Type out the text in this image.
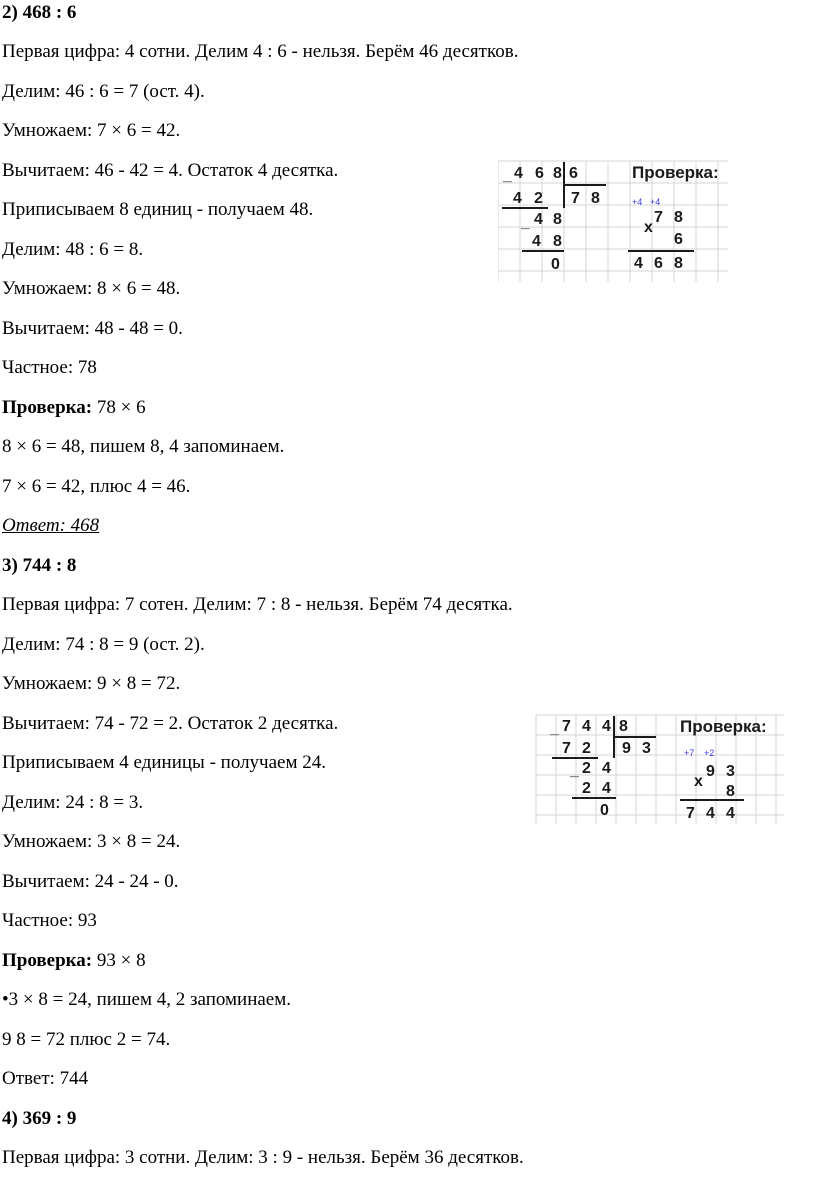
2) 468 : 6
Первая цифра: 4 сотни. Делим 4 : 6 - нельзя. Берём 46 десятков.
Делим: 46 : 6 = 7 (ост. 4).
Умножаем: 7 × 6 = 42.
Вычитаем: 46 - 42 = 4. Остаток 4 десятка.
Приписываем 8 единиц - получаем 48.
Делим: 48 : 6 = 8.
Умножаем: 8 × 6 = 48.
Вычитаем: 48 - 48 = 0.
Частное: 78
Проверка: 78 × 6
8 × 6 = 48, пишем 8, 4 запоминаем.
7 × 6 = 42, плюс 4 = 46.
Ответ: 468
_ 4 6 8 6
4 2 7 8
_ 4 8
4 8
0
Проверка:
+4 +4
x
7 8
6
4 6 8
3) 744 : 8
Первая цифра: 7 сотен. Делим: 7 : 8 - нельзя. Берём 74 десятка.
Делим: 74 : 8 = 9 (ост. 2).
Умножаем: 9 × 8 = 72.
Вычитаем: 74 - 72 = 2. Остаток 2 десятка.
Приписываем 4 единицы - получаем 24.
Делим: 24 : 8 = 3.
Умножаем: 3 × 8 = 24.
Вычитаем: 24 - 24 - 0.
Частное: 93
Проверка: 93 × 8
•3 × 8 = 24, пишем 4, 2 запоминаем.
9 8 = 72 плюс 2 = 74.
Ответ: 744
_ 7 4 4 8
7 2 9 3
_ 2 4
2 4
0
Проверка:
+7 +2
x
9 3
8
7 4 4
4) 369 : 9
Первая цифра: 3 сотни. Делим: 3 : 9 - нельзя. Берём 36 десятков.
